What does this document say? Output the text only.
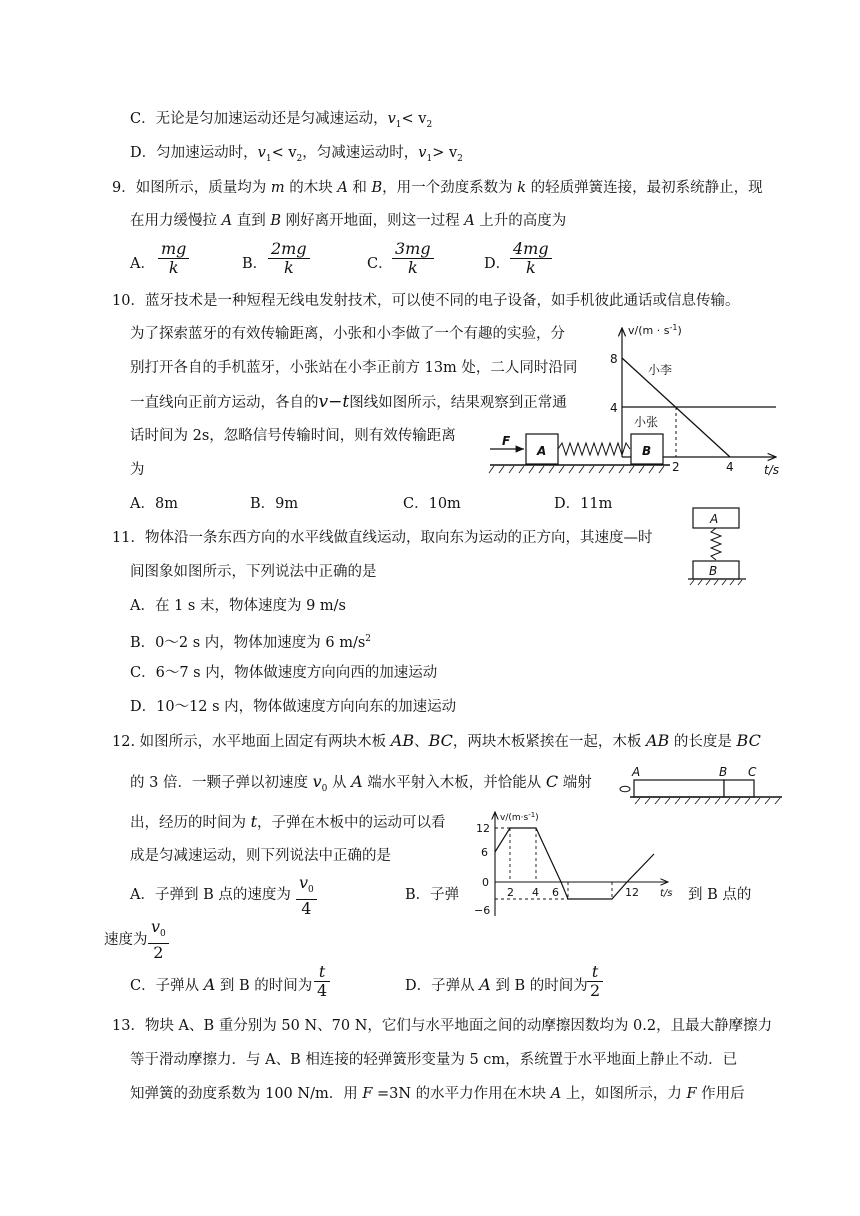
C．无论是匀加速运动还是匀减速运动，$v_1< v_2$
D．匀加速运动时，$v_1< v_2$，匀减速运动时，$v_1> v_2$
9．如图所示，质量均为 m 的木块 A 和 B，用一个劲度系数为 k 的轻质弹簧连接，最初系统静止，现
在用力缓慢拉 A 直到 B 刚好离开地面，则这一过程 A 上升的高度为
A． $\frac{mg}{k}$	B． $\frac{2mg}{k}$	C． $\frac{3mg}{k}$	D． $\frac{4mg}{k}$
10．蓝牙技术是一种短程无线电发射技术，可以使不同的电子设备，如手机彼此通话或信息传输。
为了探索蓝牙的有效传输距离，小张和小李做了一个有趣的实验，分
别打开各自的手机蓝牙，小张站在小李正前方 13m 处，二人同时沿同
一直线向正前方运动，各自的v−t图线如图所示，结果观察到正常通
话时间为 2s，忽略信号传输时间，则有效传输距离
为
A．8m	B．9m	C．10m	D．11m
$v/(m \cdot s^{-1})$
8
4
小李
小张
2	4	t/s
F
A	B
A
B
11．物体沿一条东西方向的水平线做直线运动，取向东为运动的正方向，其速度—时
间图象如图所示，下列说法中正确的是
A．在 1 s 末，物体速度为 9 m/s
B．0～2 s 内，物体加速度为 6 $m/s^2$
C．6～7 s 内，物体做速度方向向西的加速运动
D．10～12 s 内，物体做速度方向向东的加速运动
12. 如图所示，水平地面上固定有两块木板 AB、BC，两块木板紧挨在一起，木板 AB 的长度是 BC
的 3 倍．一颗子弹以初速度 $v_0$ 从 A 端水平射入木板，并恰能从 C 端射
出，经历的时间为 t，子弹在木板中的运动可以看
成是匀减速运动，则下列说法中正确的是
A．子弹到 B 点的速度为 $\frac{v_0}{4}$	B．子弹	到 B 点的
速度为 $\frac{v_0}{2}$
C．子弹从 A 到 B 的时间为 $\frac{t}{4}$	D．子弹从 A 到 B 的时间为 $\frac{t}{2}$
A	B C
$v/(m\cdot s^{-1})$
12
6
0
−6
2 4 6	12 t/s
13．物块 A、B 重分别为 50 N、70 N，它们与水平地面之间的动摩擦因数均为 0.2，且最大静摩擦力
等于滑动摩擦力．与 A、B 相连接的轻弹簧形变量为 5 cm，系统置于水平地面上静止不动．已
知弹簧的劲度系数为 100 N/m．用 F =3N 的水平力作用在木块 A 上，如图所示，力 F 作用后
